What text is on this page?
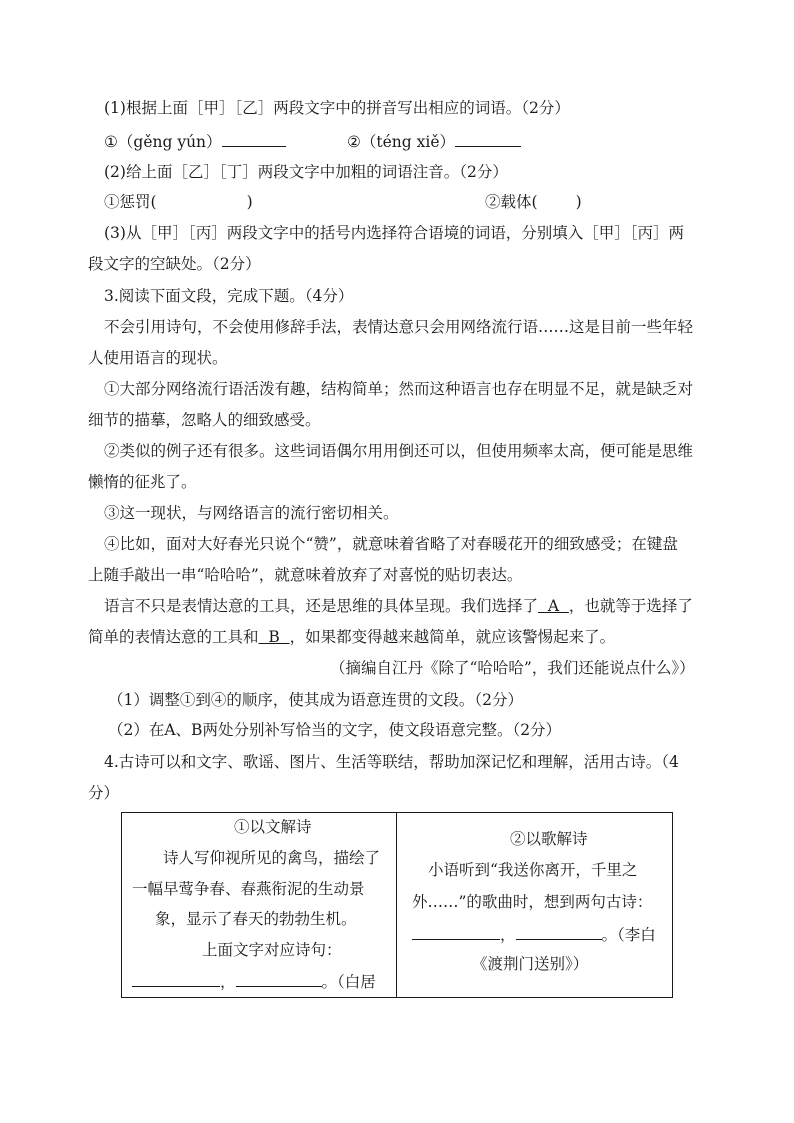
(1)根据上面［甲］［乙］两段文字中的拼音写出相应的词语。（2分）
①（gěng yún）	②（téng xiě）
(2)给上面［乙］［丁］两段文字中加粗的词语注音。（2分）
①惩罚(	)	②载体( )
(3)从［甲］［丙］两段文字中的括号内选择符合语境的词语，分别填入［甲］［丙］两
段文字的空缺处。（2分）
3.阅读下面文段，完成下题。（4分）
不会引用诗句，不会使用修辞手法，表情达意只会用网络流行语……这是目前一些年轻
人使用语言的现状。
①大部分网络流行语活泼有趣，结构简单；然而这种语言也存在明显不足，就是缺乏对
细节的描摹，忽略人的细致感受。
②类似的例子还有很多。这些词语偶尔用用倒还可以，但使用频率太高，便可能是思维
懒惰的征兆了。
③这一现状，与网络语言的流行密切相关。
④比如，面对大好春光只说个“赞”，就意味着省略了对春暖花开的细致感受；在键盘
上随手敲出一串“哈哈哈”，就意味着放弃了对喜悦的贴切表达。
语言不只是表情达意的工具，还是思维的具体呈现。我们选择了  A  ，也就等于选择了
简单的表情达意的工具和  B  ，如果都变得越来越简单，就应该警惕起来了。
（摘编自江丹《除了“哈哈哈”，我们还能说点什么》）
（1）调整①到④的顺序，使其成为语意连贯的文段。（2分）
（2）在A、B两处分别补写恰当的文字，使文段语意完整。（2分）
4.古诗可以和文字、歌谣、图片、生活等联结，帮助加深记忆和理解，活用古诗。（4
分）
①以文解诗
诗人写仰视所见的禽鸟，描绘了
一幅早莺争春、春燕衔泥的生动景
象，显示了春天的勃勃生机。
上面文字对应诗句：
，	。（白居
②以歌解诗
小语听到“我送你离开，千里之
外……”的歌曲时，想到两句古诗：
，	。（李白
《渡荆门送别》）
